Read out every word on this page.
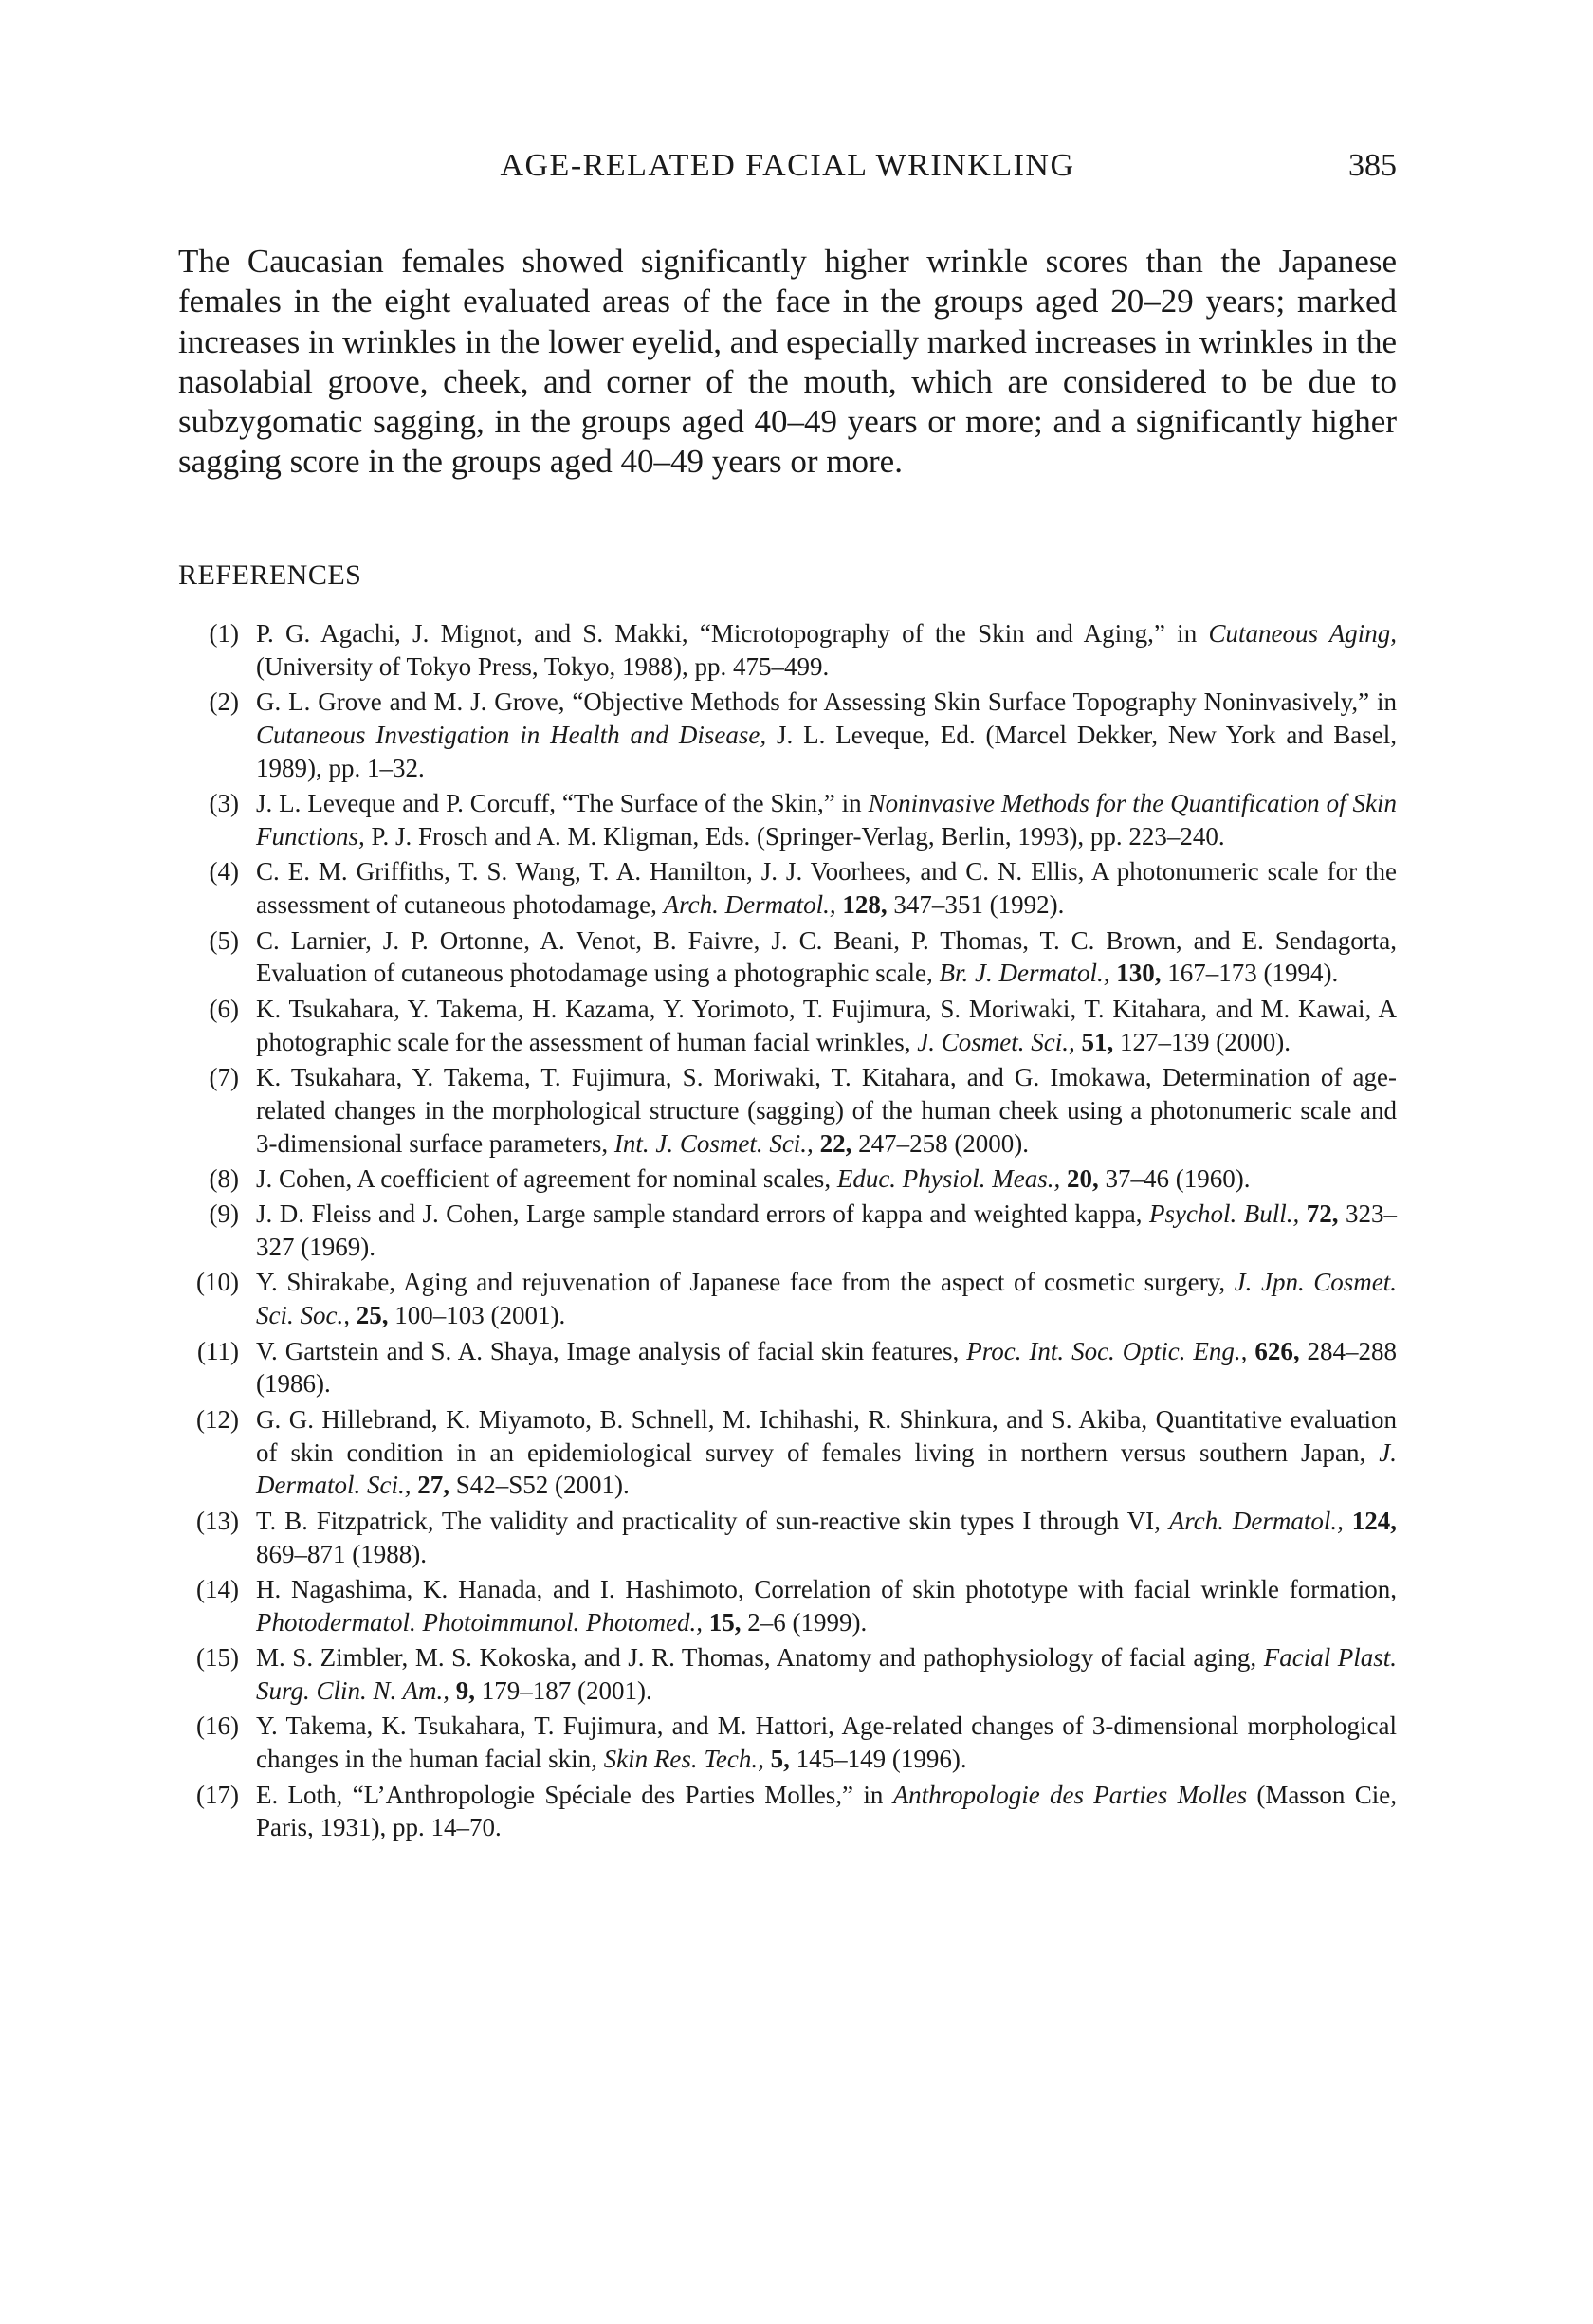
AGE-RELATED FACIAL WRINKLING	385

The Caucasian females showed significantly higher wrinkle scores than the Japanese females in the eight evaluated areas of the face in the groups aged 20–29 years; marked increases in wrinkles in the lower eyelid, and especially marked increases in wrinkles in the nasolabial groove, cheek, and corner of the mouth, which are considered to be due to subzygomatic sagging, in the groups aged 40–49 years or more; and a significantly higher sagging score in the groups aged 40–49 years or more.

REFERENCES
(1) P. G. Agachi, J. Mignot, and S. Makki, “Microtopography of the Skin and Aging,” in Cutaneous Aging, (University of Tokyo Press, Tokyo, 1988), pp. 475–499.
(2) G. L. Grove and M. J. Grove, “Objective Methods for Assessing Skin Surface Topography Noninvasively,” in Cutaneous Investigation in Health and Disease, J. L. Leveque, Ed. (Marcel Dekker, New York and Basel, 1989), pp. 1–32.
(3) J. L. Leveque and P. Corcuff, “The Surface of the Skin,” in Noninvasive Methods for the Quantification of Skin Functions, P. J. Frosch and A. M. Kligman, Eds. (Springer-Verlag, Berlin, 1993), pp. 223–240.
(4) C. E. M. Griffiths, T. S. Wang, T. A. Hamilton, J. J. Voorhees, and C. N. Ellis, A photonumeric scale for the assessment of cutaneous photodamage, Arch. Dermatol., 128, 347–351 (1992).
(5) C. Larnier, J. P. Ortonne, A. Venot, B. Faivre, J. C. Beani, P. Thomas, T. C. Brown, and E. Sendagorta, Evaluation of cutaneous photodamage using a photographic scale, Br. J. Dermatol., 130, 167–173 (1994).
(6) K. Tsukahara, Y. Takema, H. Kazama, Y. Yorimoto, T. Fujimura, S. Moriwaki, T. Kitahara, and M. Kawai, A photographic scale for the assessment of human facial wrinkles, J. Cosmet. Sci., 51, 127–139 (2000).
(7) K. Tsukahara, Y. Takema, T. Fujimura, S. Moriwaki, T. Kitahara, and G. Imokawa, Determination of age-related changes in the morphological structure (sagging) of the human cheek using a photonumeric scale and 3-dimensional surface parameters, Int. J. Cosmet. Sci., 22, 247–258 (2000).
(8) J. Cohen, A coefficient of agreement for nominal scales, Educ. Physiol. Meas., 20, 37–46 (1960).
(9) J. D. Fleiss and J. Cohen, Large sample standard errors of kappa and weighted kappa, Psychol. Bull., 72, 323–327 (1969).
(10) Y. Shirakabe, Aging and rejuvenation of Japanese face from the aspect of cosmetic surgery, J. Jpn. Cosmet. Sci. Soc., 25, 100–103 (2001).
(11) V. Gartstein and S. A. Shaya, Image analysis of facial skin features, Proc. Int. Soc. Optic. Eng., 626, 284–288 (1986).
(12) G. G. Hillebrand, K. Miyamoto, B. Schnell, M. Ichihashi, R. Shinkura, and S. Akiba, Quantitative evaluation of skin condition in an epidemiological survey of females living in northern versus southern Japan, J. Dermatol. Sci., 27, S42–S52 (2001).
(13) T. B. Fitzpatrick, The validity and practicality of sun-reactive skin types I through VI, Arch. Dermatol., 124, 869–871 (1988).
(14) H. Nagashima, K. Hanada, and I. Hashimoto, Correlation of skin phototype with facial wrinkle formation, Photodermatol. Photoimmunol. Photomed., 15, 2–6 (1999).
(15) M. S. Zimbler, M. S. Kokoska, and J. R. Thomas, Anatomy and pathophysiology of facial aging, Facial Plast. Surg. Clin. N. Am., 9, 179–187 (2001).
(16) Y. Takema, K. Tsukahara, T. Fujimura, and M. Hattori, Age-related changes of 3-dimensional morphological changes in the human facial skin, Skin Res. Tech., 5, 145–149 (1996).
(17) E. Loth, “L’Anthropologie Spéciale des Parties Molles,” in Anthropologie des Parties Molles (Masson Cie, Paris, 1931), pp. 14–70.
